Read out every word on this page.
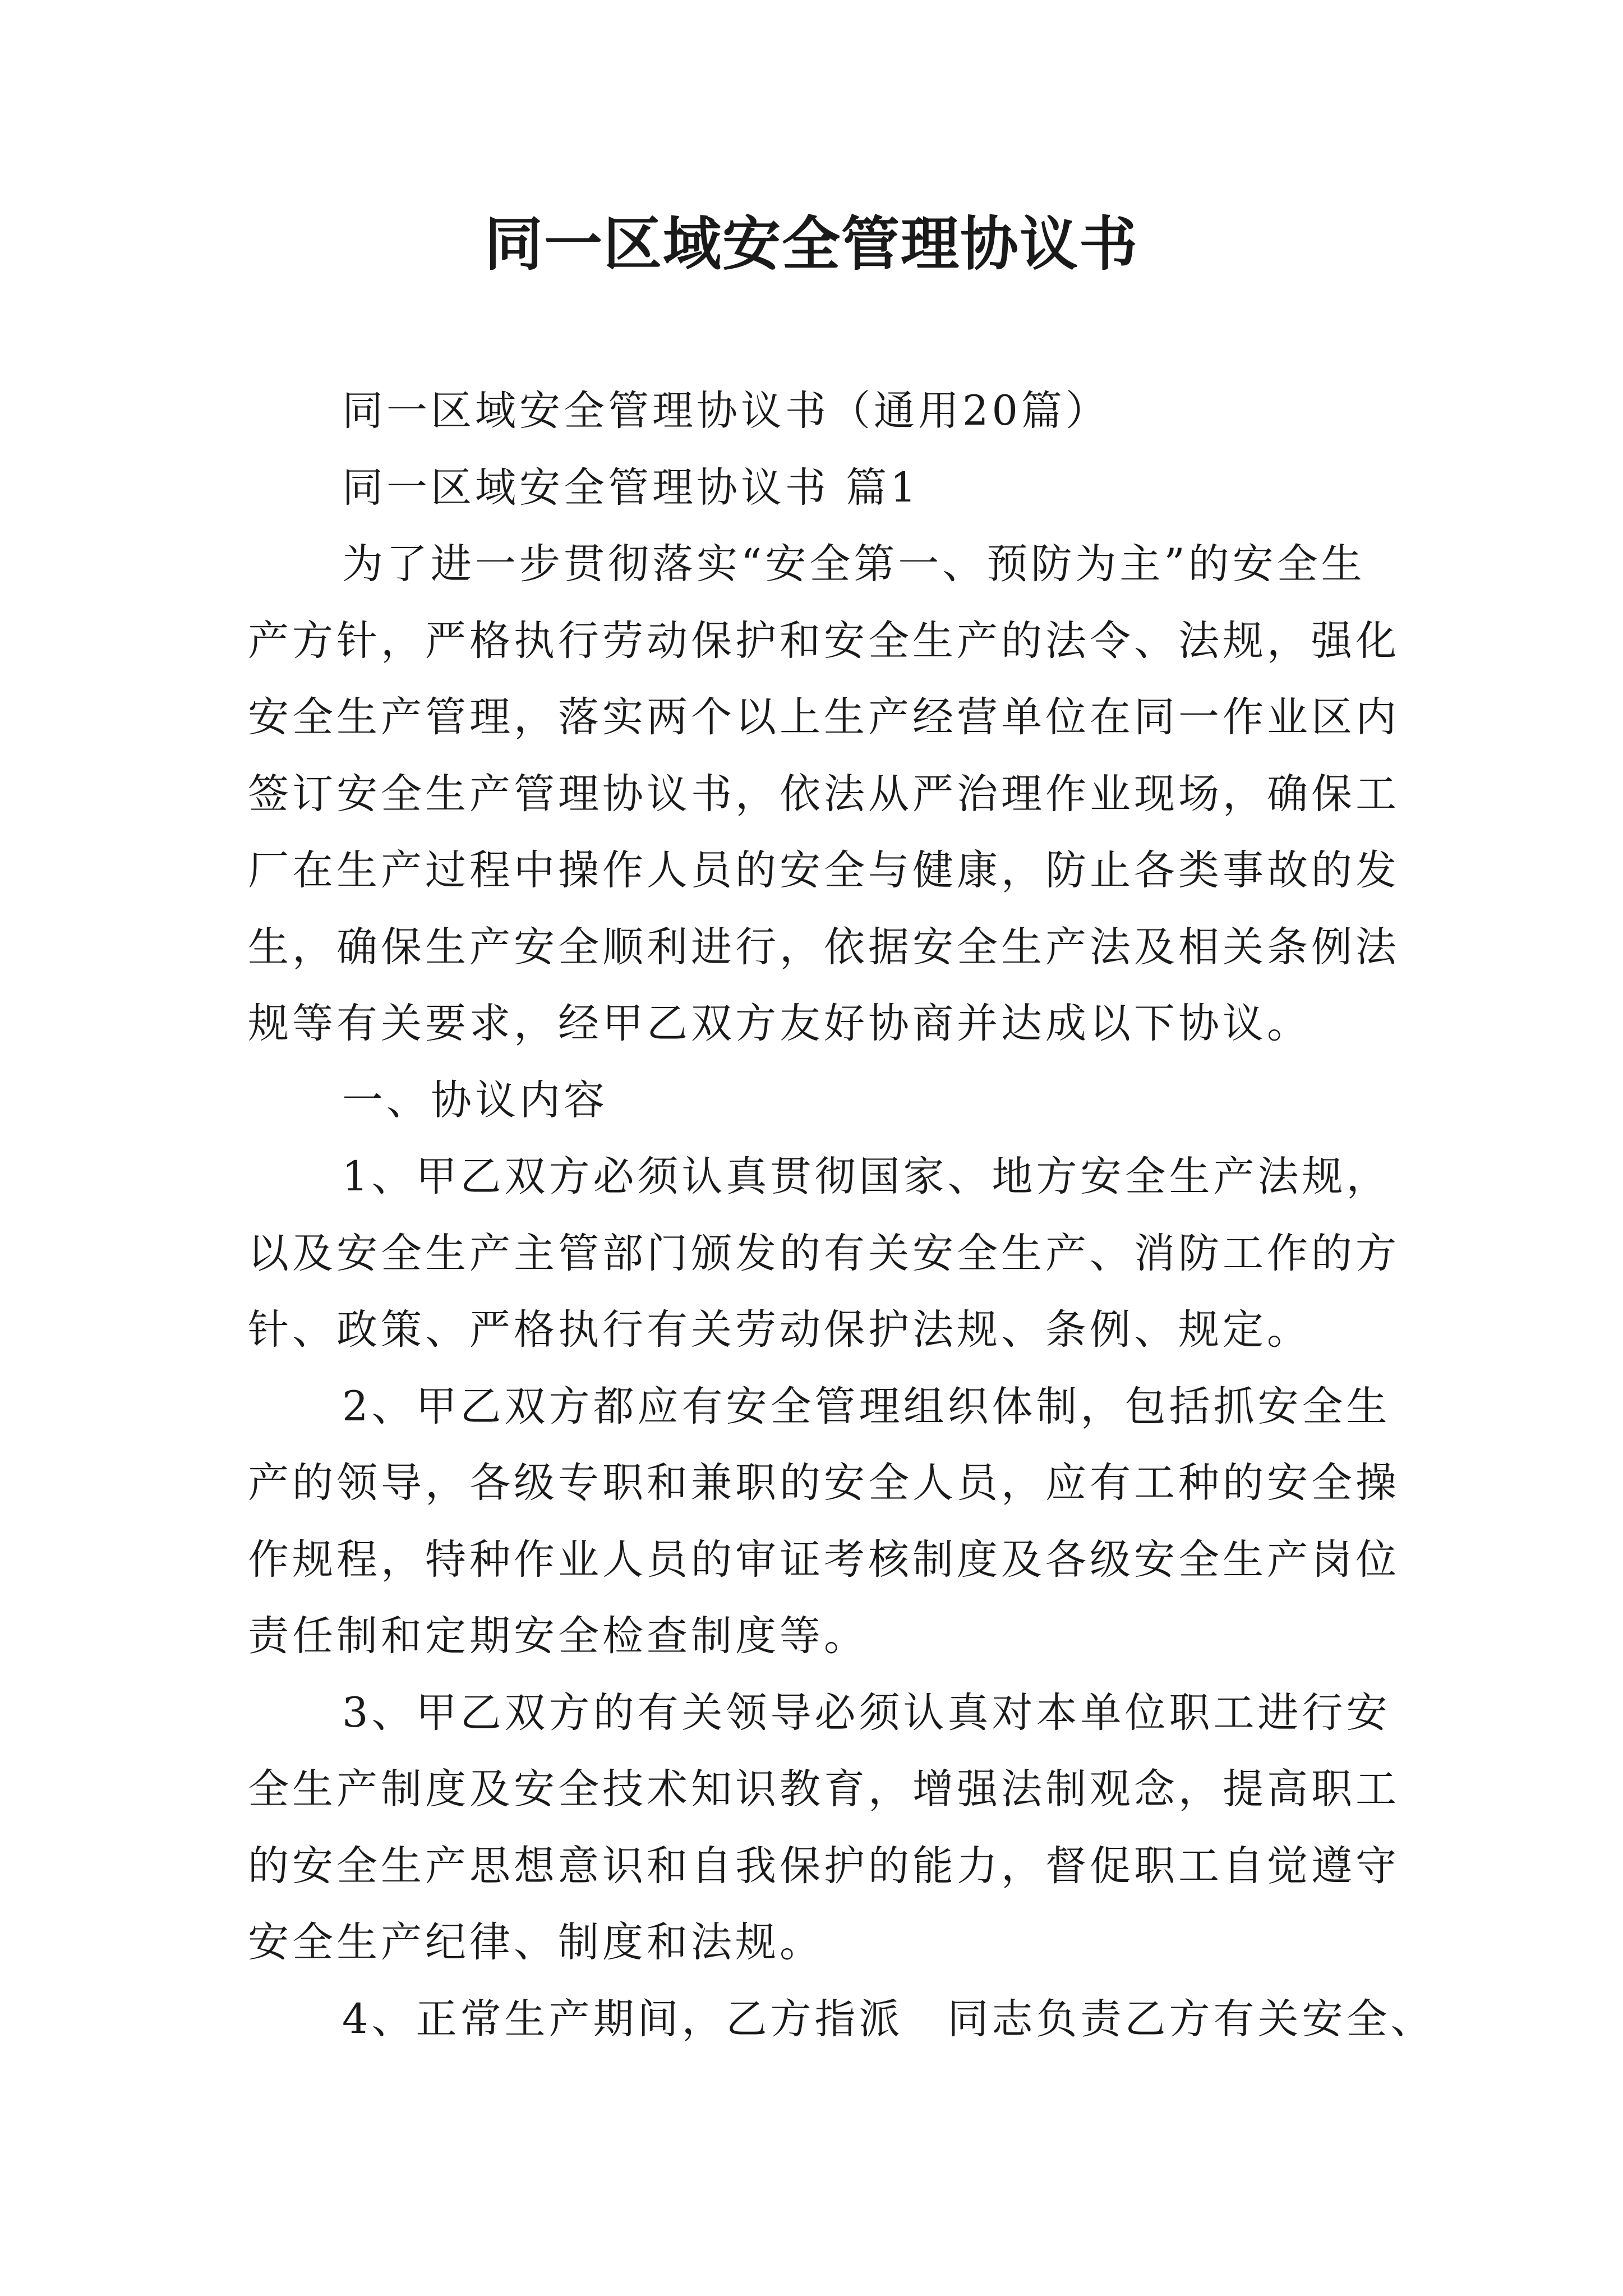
同一区域安全管理协议书
同一区域安全管理协议书（通用20篇）
同一区域安全管理协议书 篇1
为了进一步贯彻落实“安全第一、预防为主”的安全生
产方针，严格执行劳动保护和安全生产的法令、法规，强化
安全生产管理，落实两个以上生产经营单位在同一作业区内
签订安全生产管理协议书，依法从严治理作业现场，确保工
厂在生产过程中操作人员的安全与健康，防止各类事故的发
生，确保生产安全顺利进行，依据安全生产法及相关条例法
规等有关要求，经甲乙双方友好协商并达成以下协议。
一、协议内容
1、甲乙双方必须认真贯彻国家、地方安全生产法规，
以及安全生产主管部门颁发的有关安全生产、消防工作的方
针、政策、严格执行有关劳动保护法规、条例、规定。
2、甲乙双方都应有安全管理组织体制，包括抓安全生
产的领导，各级专职和兼职的安全人员，应有工种的安全操
作规程，特种作业人员的审证考核制度及各级安全生产岗位
责任制和定期安全检查制度等。
3、甲乙双方的有关领导必须认真对本单位职工进行安
全生产制度及安全技术知识教育，增强法制观念，提高职工
的安全生产思想意识和自我保护的能力，督促职工自觉遵守
安全生产纪律、制度和法规。
4、正常生产期间，乙方指派　同志负责乙方有关安全、
